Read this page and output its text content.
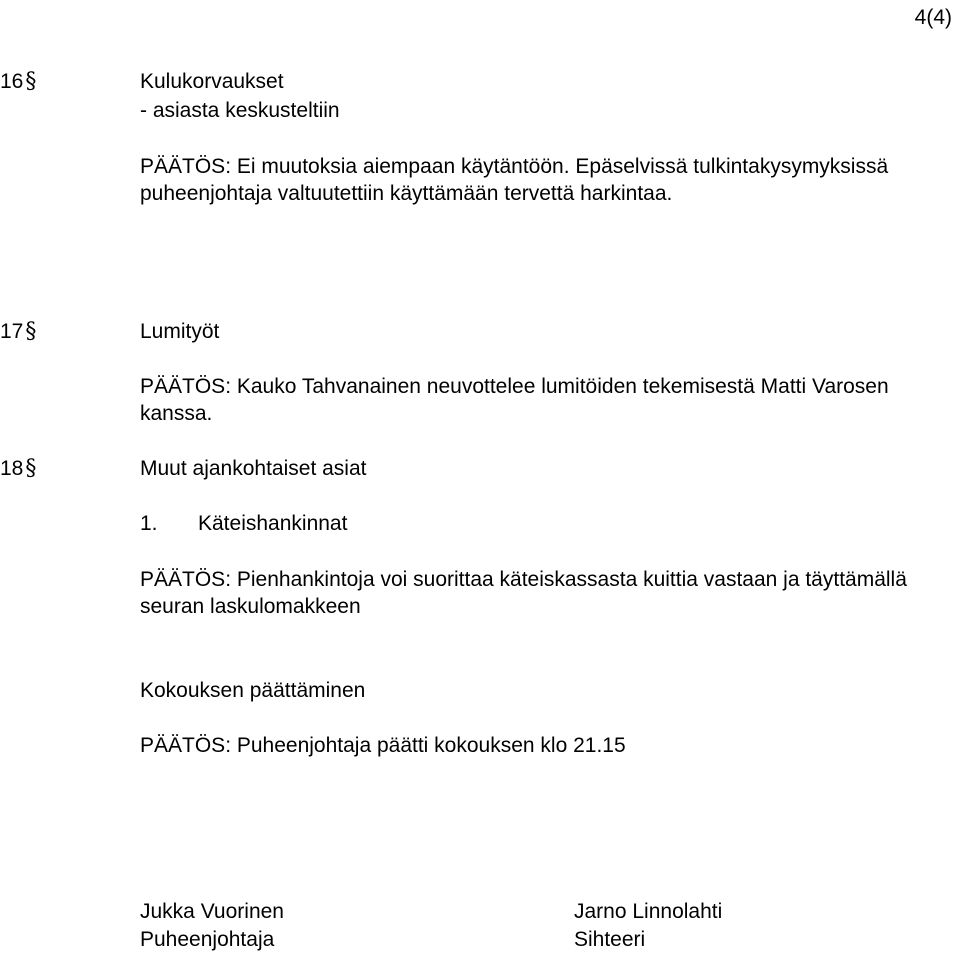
4(4)
16§	Kulukorvaukset
- asiasta keskusteltiin
PÄÄTÖS: Ei muutoksia aiempaan käytäntöön. Epäselvissä tulkintakysymyksissä puheenjohtaja valtuutettiin käyttämään tervettä harkintaa.
17§	Lumityöt
PÄÄTÖS: Kauko Tahvanainen neuvottelee lumitöiden tekemisestä Matti Varosen kanssa.
18§	Muut ajankohtaiset asiat
1. Käteishankinnat
PÄÄTÖS: Pienhankintoja voi suorittaa käteiskassasta kuittia vastaan ja täyttämällä seuran laskulomakkeen
Kokouksen päättäminen
PÄÄTÖS: Puheenjohtaja päätti kokouksen klo 21.15
Jukka Vuorinen
Puheenjohtaja
Jarno Linnolahti
Sihteeri
